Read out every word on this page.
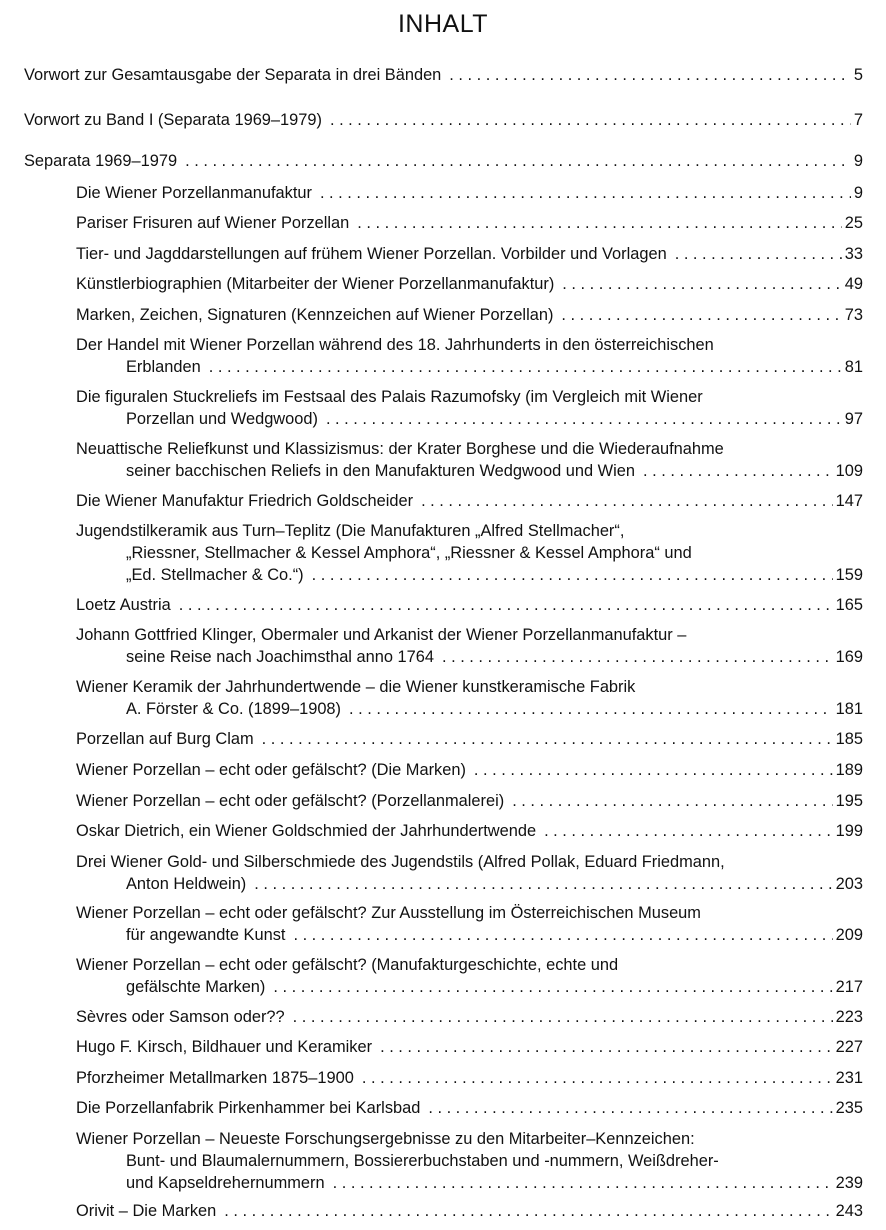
INHALT
Vorwort zur Gesamtausgabe der Separata in drei Bänden . . .	5
Vorwort zu Band I (Separata 1969–1979) . . .	7
Separata 1969–1979 . . .	9
Die Wiener Porzellanmanufaktur . . .	9
Pariser Frisuren auf Wiener Porzellan . . .	25
Tier- und Jagddarstellungen auf frühem Wiener Porzellan. Vorbilder und Vorlagen . . .	33
Künstlerbiographien (Mitarbeiter der Wiener Porzellanmanufaktur) . . .	49
Marken, Zeichen, Signaturen (Kennzeichen auf Wiener Porzellan) . . .	73
Der Handel mit Wiener Porzellan während des 18. Jahrhunderts in den österreichischen
Erblanden . . .	81
Die figuralen Stuckreliefs im Festsaal des Palais Razumofsky (im Vergleich mit Wiener
Porzellan und Wedgwood) . . .	97
Neuattische Reliefkunst und Klassizismus: der Krater Borghese und die Wiederaufnahme
seiner bacchischen Reliefs in den Manufakturen Wedgwood und Wien . . .	109
Die Wiener Manufaktur Friedrich Goldscheider . . .	147
Jugendstilkeramik aus Turn–Teplitz (Die Manufakturen „Alfred Stellmacher“,
„Riessner, Stellmacher & Kessel Amphora“, „Riessner & Kessel Amphora“ und
„Ed. Stellmacher & Co.“) . . .	159
Loetz Austria . . .	165
Johann Gottfried Klinger, Obermaler und Arkanist der Wiener Porzellanmanufaktur –
seine Reise nach Joachimsthal anno 1764 . . .	169
Wiener Keramik der Jahrhundertwende – die Wiener kunstkeramische Fabrik
A. Förster & Co. (1899–1908) . . .	181
Porzellan auf Burg Clam . . .	185
Wiener Porzellan – echt oder gefälscht? (Die Marken) . . .	189
Wiener Porzellan – echt oder gefälscht? (Porzellanmalerei) . . .	195
Oskar Dietrich, ein Wiener Goldschmied der Jahrhundertwende . . .	199
Drei Wiener Gold- und Silberschmiede des Jugendstils (Alfred Pollak, Eduard Friedmann,
Anton Heldwein) . . .	203
Wiener Porzellan – echt oder gefälscht? Zur Ausstellung im Österreichischen Museum
für angewandte Kunst . . .	209
Wiener Porzellan – echt oder gefälscht? (Manufakturgeschichte, echte und
gefälschte Marken) . . .	217
Sèvres oder Samson oder?? . . .	223
Hugo F. Kirsch, Bildhauer und Keramiker . . .	227
Pforzheimer Metallmarken 1875–1900 . . .	231
Die Porzellanfabrik Pirkenhammer bei Karlsbad . . .	235
Wiener Porzellan – Neueste Forschungsergebnisse zu den Mitarbeiter–Kennzeichen:
Bunt- und Blaumalernummern, Bossiererbuchstaben und -nummern, Weißdreher-
und Kapseldrehernummern . . .	239
Orivit – Die Marken . . .	243
